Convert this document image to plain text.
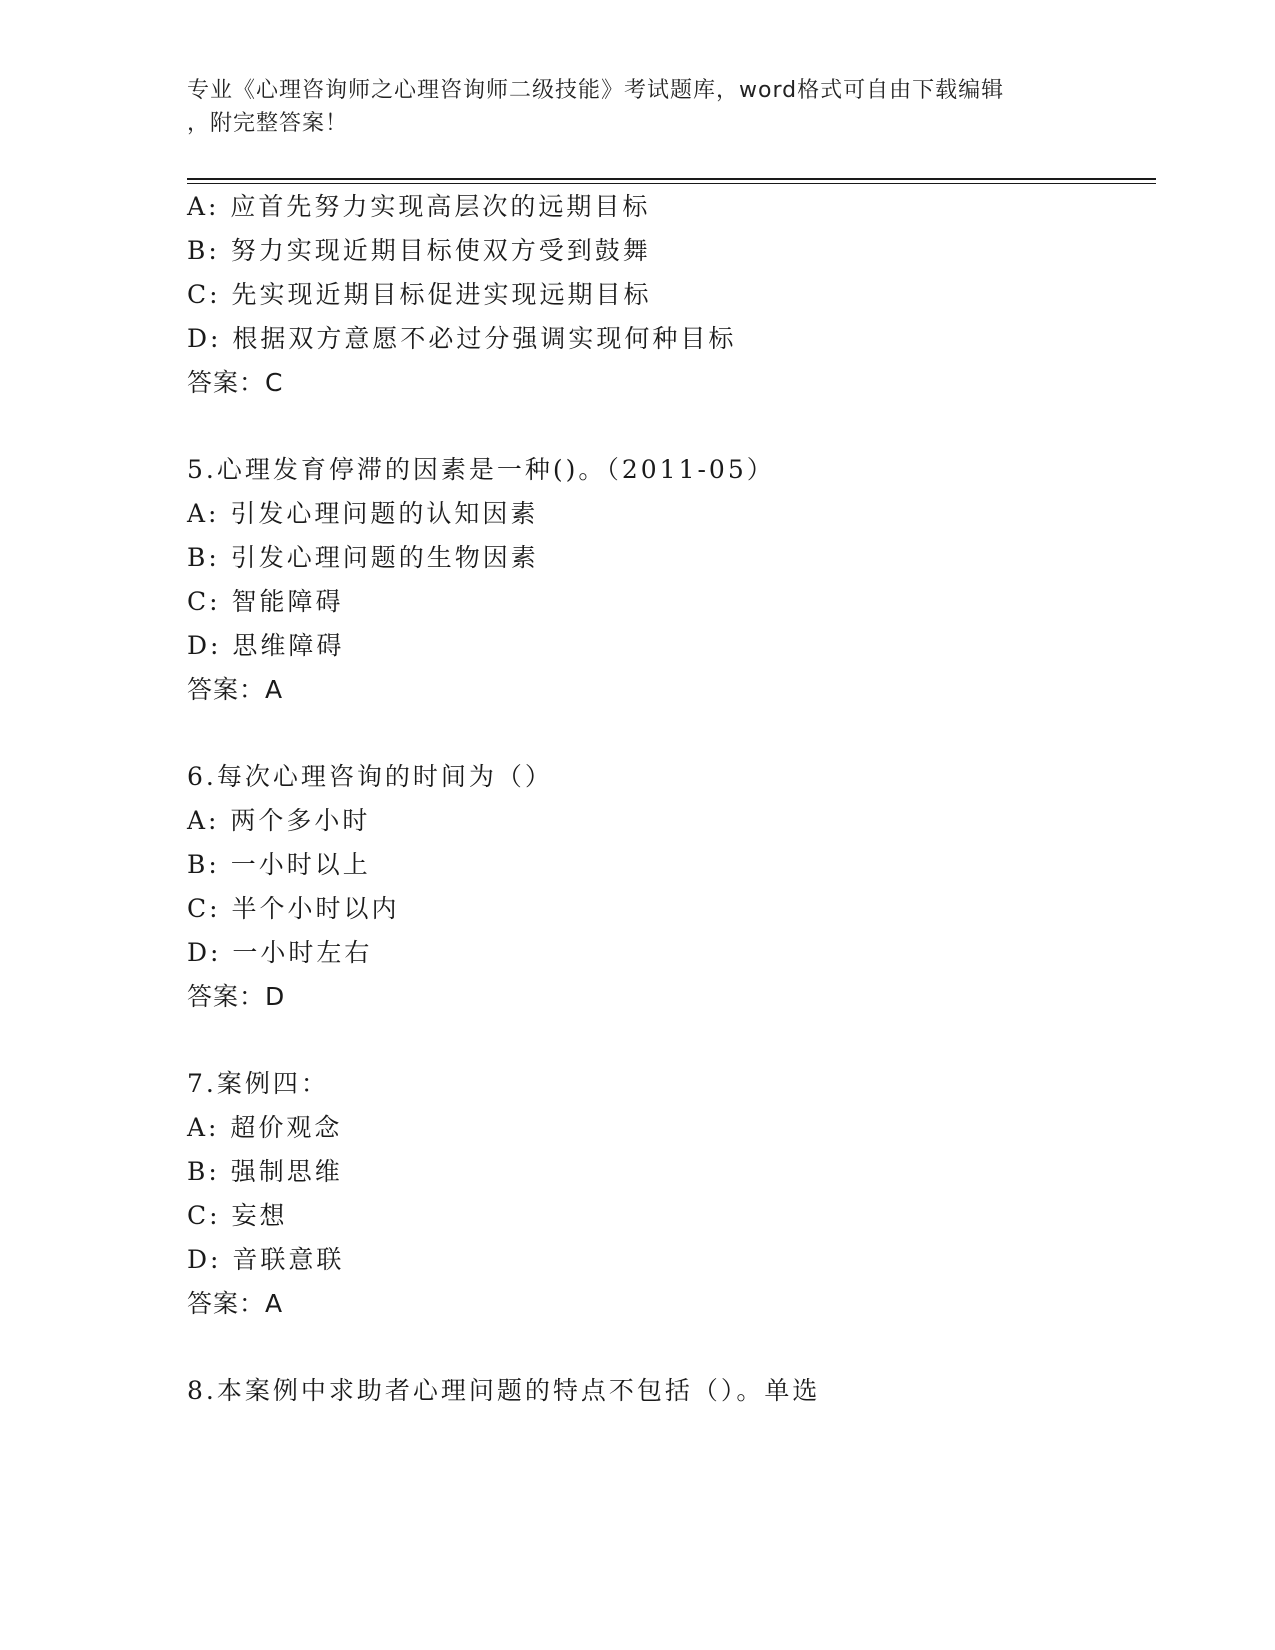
专业《心理咨询师之心理咨询师二级技能》考试题库，word格式可自由下载编辑
，附完整答案！
A: 应首先努力实现高层次的远期目标
B: 努力实现近期目标使双方受到鼓舞
C: 先实现近期目标促进实现远期目标
D: 根据双方意愿不必过分强调实现何种目标
答案：C
5.心理发育停滞的因素是一种()。（2011-05）
A: 引发心理问题的认知因素
B: 引发心理问题的生物因素
C: 智能障碍
D: 思维障碍
答案：A
6.每次心理咨询的时间为（）
A: 两个多小时
B: 一小时以上
C: 半个小时以内
D: 一小时左右
答案：D
7.案例四：
A: 超价观念
B: 强制思维
C: 妄想
D: 音联意联
答案：A
8.本案例中求助者心理问题的特点不包括（）。单选
